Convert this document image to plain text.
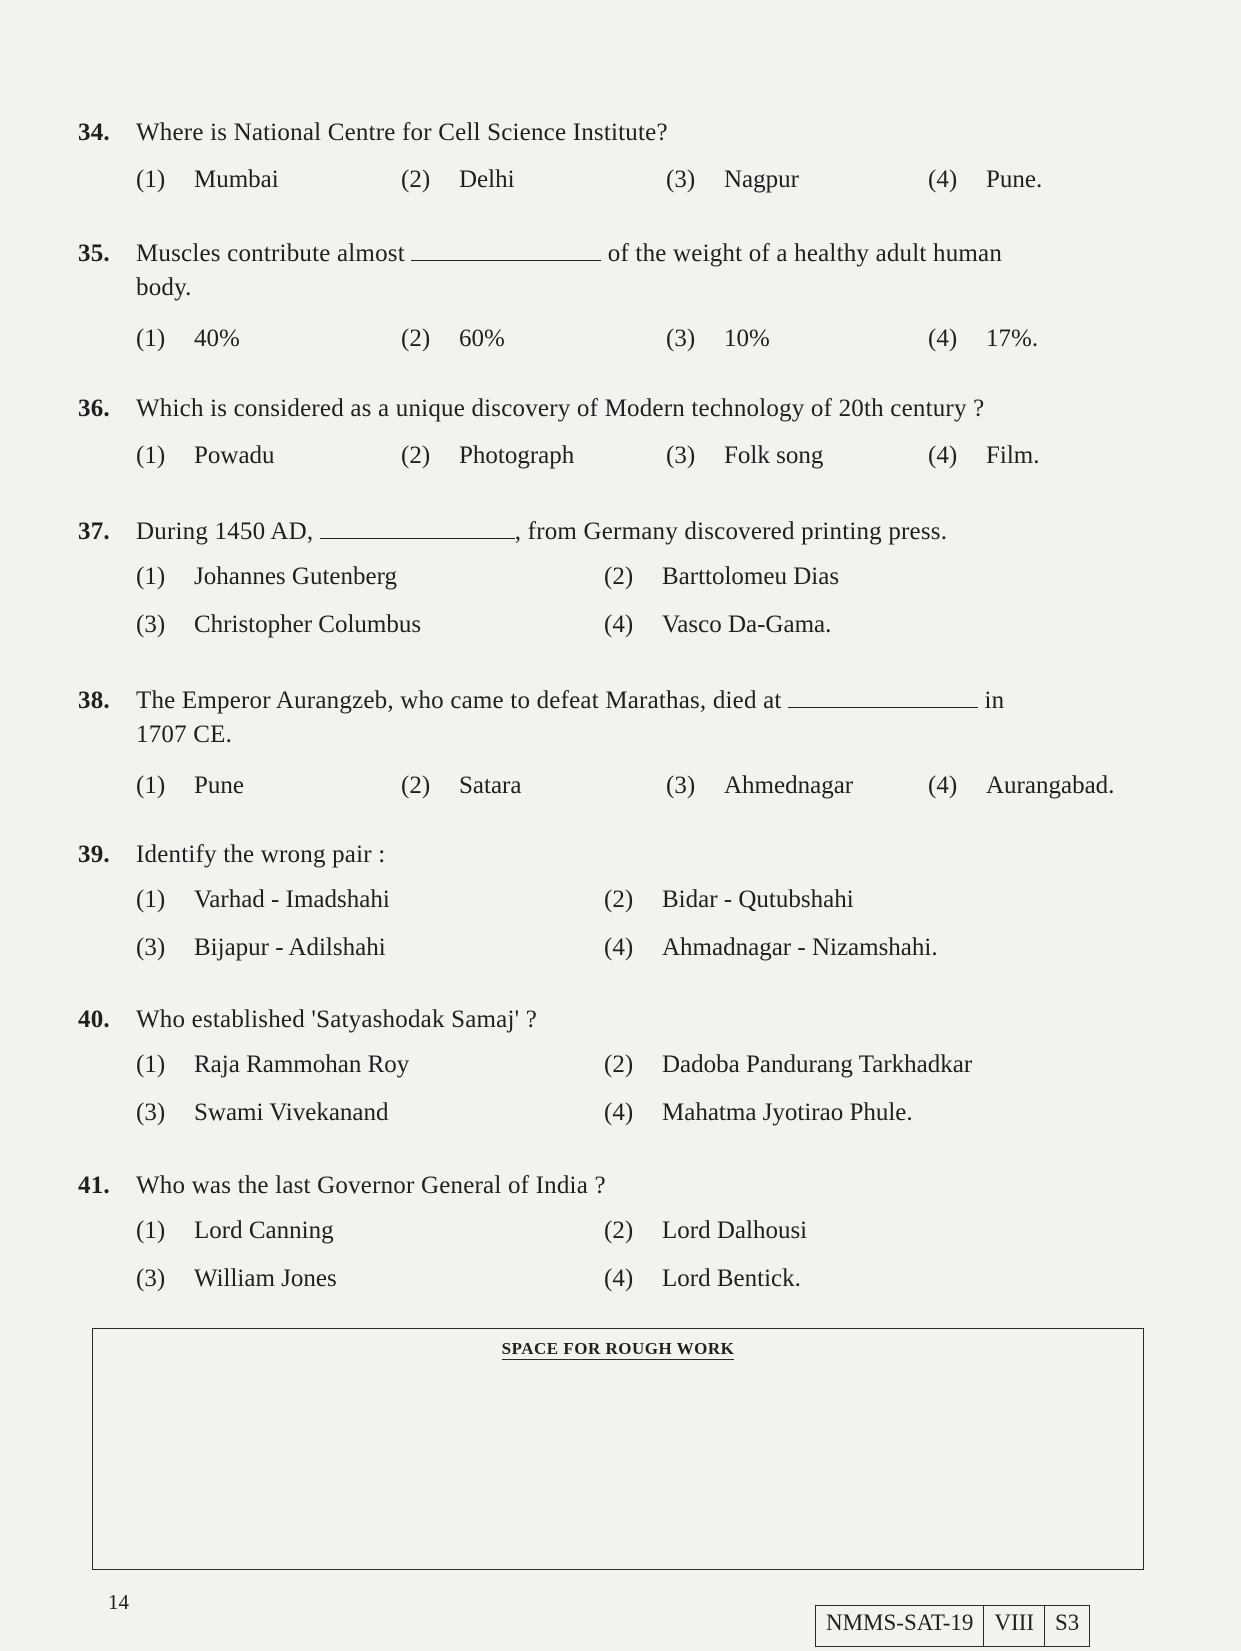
34.	Where is National Centre for Cell Science Institute?
(1) Mumbai	(2) Delhi	(3) Nagpur	(4) Pune.
35.	Muscles contribute almost	of the weight of a healthy adult human
body.
(1) 40%	(2) 60%	(3) 10%	(4) 17%.
36.	Which is considered as a unique discovery of Modern technology of 20th century ?
(1) Powadu	(2) Photograph	(3) Folk song	(4) Film.
37.	During 1450 AD,	, from Germany discovered printing press.
(1) Johannes Gutenberg	(2) Barttolomeu Dias
(3) Christopher Columbus	(4) Vasco Da-Gama.
38.	The Emperor Aurangzeb, who came to defeat Marathas, died at	in
1707 CE.
(1) Pune	(2) Satara	(3) Ahmednagar	(4) Aurangabad.
39.	Identify the wrong pair :
(1) Varhad - Imadshahi	(2) Bidar - Qutubshahi
(3) Bijapur - Adilshahi	(4) Ahmadnagar - Nizamshahi.
40.	Who established 'Satyashodak Samaj' ?
(1) Raja Rammohan Roy	(2) Dadoba Pandurang Tarkhadkar
(3) Swami Vivekanand	(4) Mahatma Jyotirao Phule.
41.	Who was the last Governor General of India ?
(1) Lord Canning	(2) Lord Dalhousi
(3) William Jones	(4) Lord Bentick.
SPACE FOR ROUGH WORK
14
NMMS-SAT-19 VIII S3
